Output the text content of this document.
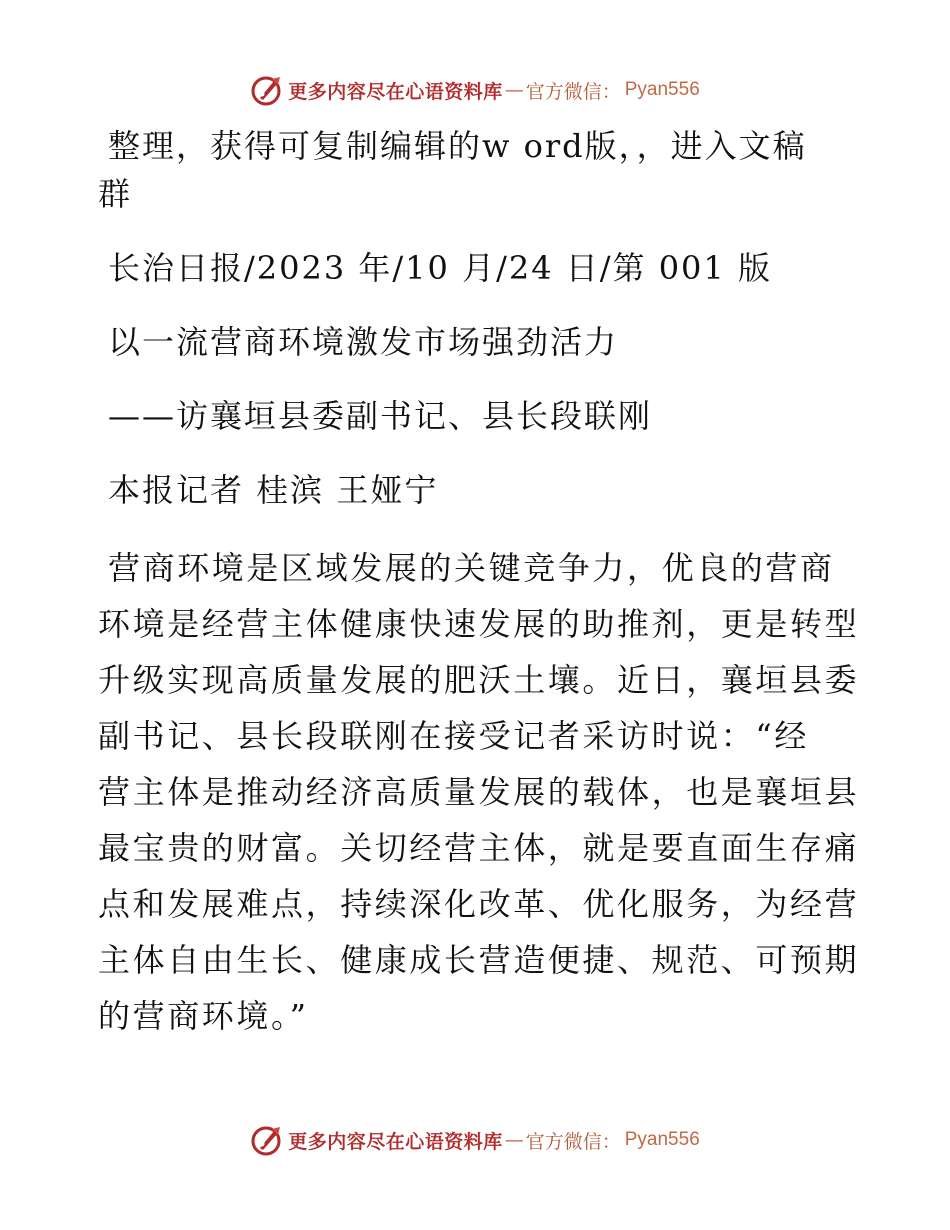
更多内容尽在心语资料库 — 官方微信： Pyan556

整理，获得可复制编辑的w ord版，，进入文稿

群

长治日报/2023 年/10 月/24 日/第 001 版

以一流营商环境激发市场强劲活力

——访襄垣县委副书记、县长段联刚

本报记者 桂滨 王娅宁

营商环境是区域发展的关键竞争力，优良的营商

环境是经营主体健康快速发展的助推剂，更是转型

升级实现高质量发展的肥沃土壤。近日，襄垣县委

副书记、县长段联刚在接受记者采访时说：“经

营主体是推动经济高质量发展的载体，也是襄垣县

最宝贵的财富。关切经营主体，就是要直面生存痛

点和发展难点，持续深化改革、优化服务，为经营

主体自由生长、健康成长营造便捷、规范、可预期

的营商环境。”

更多内容尽在心语资料库 — 官方微信： Pyan556
